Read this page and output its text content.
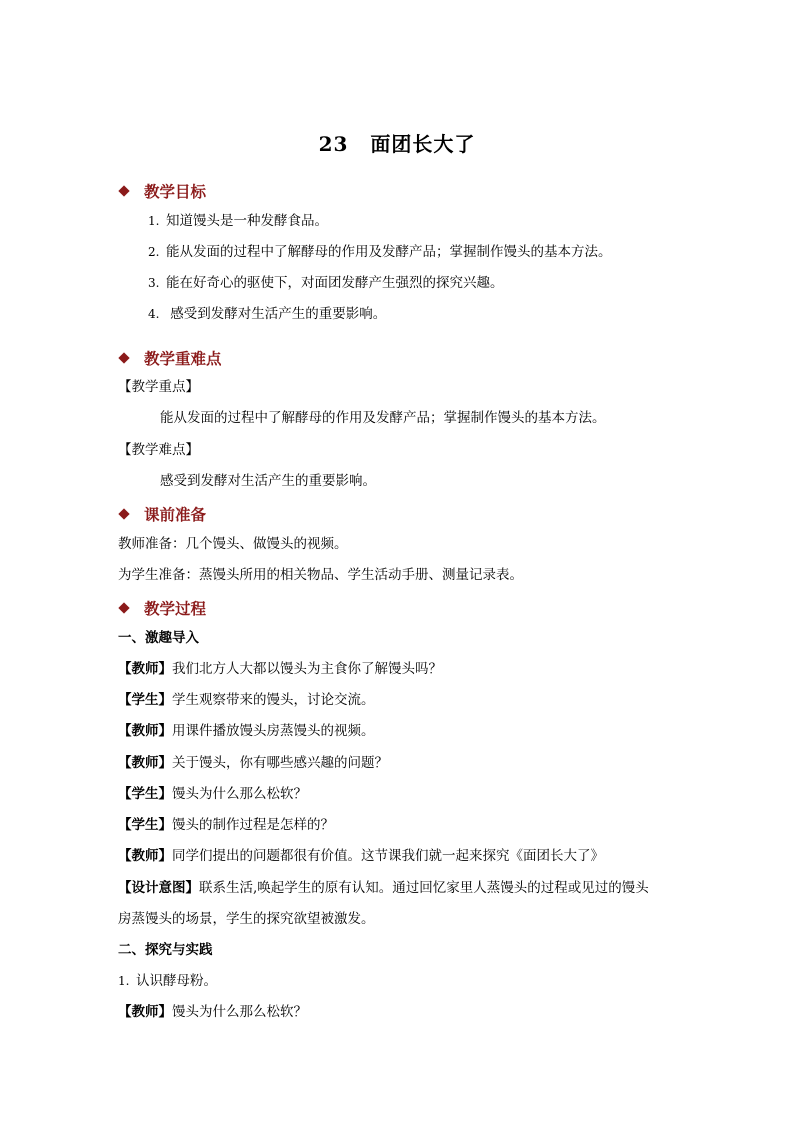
23 面团长大了
教学目标
1. 知道馒头是一种发酵食品。
2. 能从发面的过程中了解酵母的作用及发酵产品；掌握制作馒头的基本方法。
3. 能在好奇心的驱使下，对面团发酵产生强烈的探究兴趣。
4. 感受到发酵对生活产生的重要影响。
教学重难点
【教学重点】
能从发面的过程中了解酵母的作用及发酵产品；掌握制作馒头的基本方法。
【教学难点】
感受到发酵对生活产生的重要影响。
课前准备
教师准备：几个馒头、做馒头的视频。
为学生准备：蒸馒头所用的相关物品、学生活动手册、测量记录表。
教学过程
一、激趣导入
【教师】我们北方人大都以馒头为主食你了解馒头吗？
【学生】学生观察带来的馒头，讨论交流。
【教师】用课件播放馒头房蒸馒头的视频。
【教师】关于馒头，你有哪些感兴趣的问题？
【学生】馒头为什么那么松软？
【学生】馒头的制作过程是怎样的？
【教师】同学们提出的问题都很有价值。这节课我们就一起来探究《面团长大了》
【设计意图】联系生活,唤起学生的原有认知。通过回忆家里人蒸馒头的过程或见过的馒头
房蒸馒头的场景，学生的探究欲望被激发。
二、探究与实践
1. 认识酵母粉。
【教师】馒头为什么那么松软？
